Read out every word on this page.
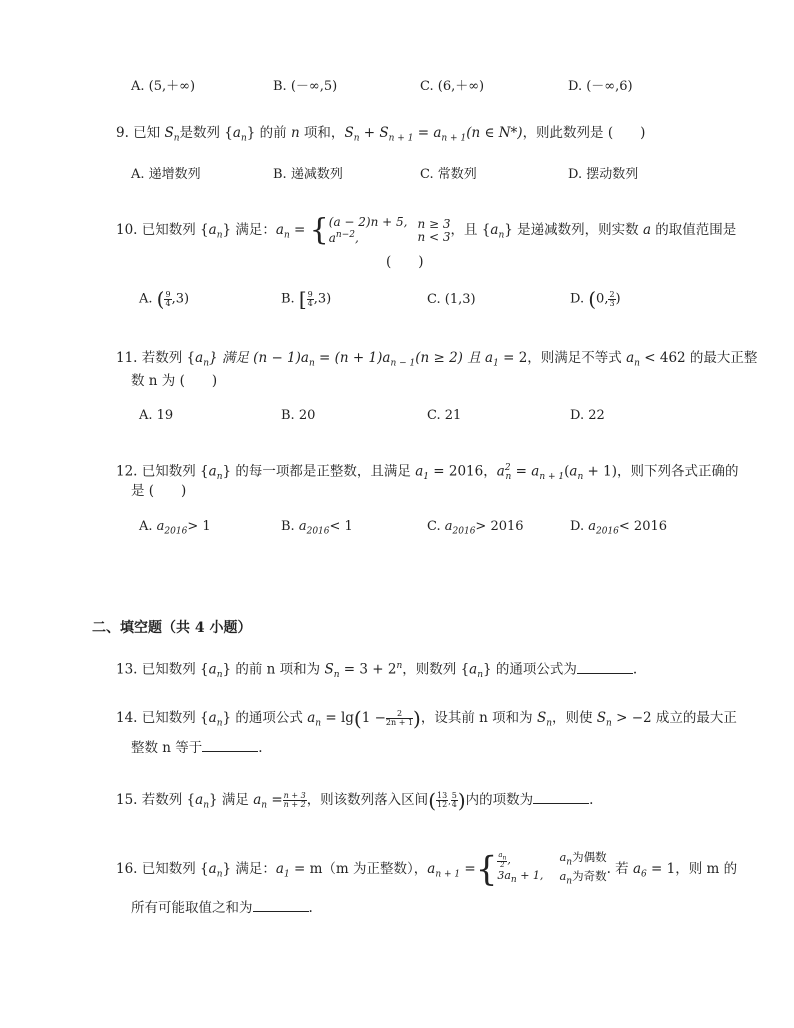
A. (5,＋∞)	B. (－∞,5)	C. (6,＋∞)	D. (－∞,6)
9. 已知 $S_n$是数列 $\{a_n\}$ 的前 n 项和，$S_n + S_{n + 1} = a_{n + 1}(n$ ∈ N*)，则此数列是 (　　)
A. 递增数列	B. 递减数列	C. 常数列	D. 摆动数列
10. 已知数列 $\{a_n\}$ 满足：$a_n = \{(a - 2)n + 5$,
$a^{n-2},n \ge 3$
n < 3，且 $\{a_n\}$ 是递减数列，则实数 a 的取值范围是
(　　)
A. ( $\frac{9}{4} ,3$)	B. [ $\frac{9}{4} ,3$)	C. (1,3)	D. (0, $\frac{2}{3}$ )
11. 若数列 $\{a_n\}$ 满足 $(n - 1)a_n = (n + 1)a_{n - 1}(n \ge 2)$ 且 $a_1 = 2$，则满足不等式 $a_n < 462$ 的最大正整
数 n 为 (　　)
A. 19	B. 20	C. 21	D. 22
12. 已知数列 $\{a_n\}$ 的每一项都是正整数，且满足 $a_1 = 2016$，$a^2_n = a_{n + 1}(a_n + 1)$，则下列各式正确的
是 (　　)
A. $a_{2016}> 1$	B. $a_{2016}< 1$	C. $a_{2016}> 2016$	D. $a_{2016}< 2016$
二、填空题（共 4 小题）
13. 已知数列 $\{a_n\}$ 的前 n 项和为 $S_n = 3 + 2^n$，则数列 $\{a_n\}$ 的通项公式为	.
14. 已知数列 $\{a_n\}$ 的通项公式 $a_n = \lg(1 - \frac{2}{2n + 1}$ )，设其前 n 项和为 $S_n$，则使 $S_n > -2$ 成立的最大正
整数 n 等于	.
15. 若数列 $\{a_n\}$ 满足 $a_n = \frac{n + 3}{n + 2}$ ，则该数列落入区间( $\frac{13}{12}$ , $\frac{5}{4}$ )内的项数为	.
16. 已知数列 $\{a_n\}$ 满足：$a_1 = m(m$ 为正整数），$a_{n + 1}$ ={ $\frac{a_n}{2}$ ,
$3a_n + 1,a_n$为偶数
$a_n$为奇数. 若 $a_6 = 1$，则 m 的
所有可能取值之和为	.
